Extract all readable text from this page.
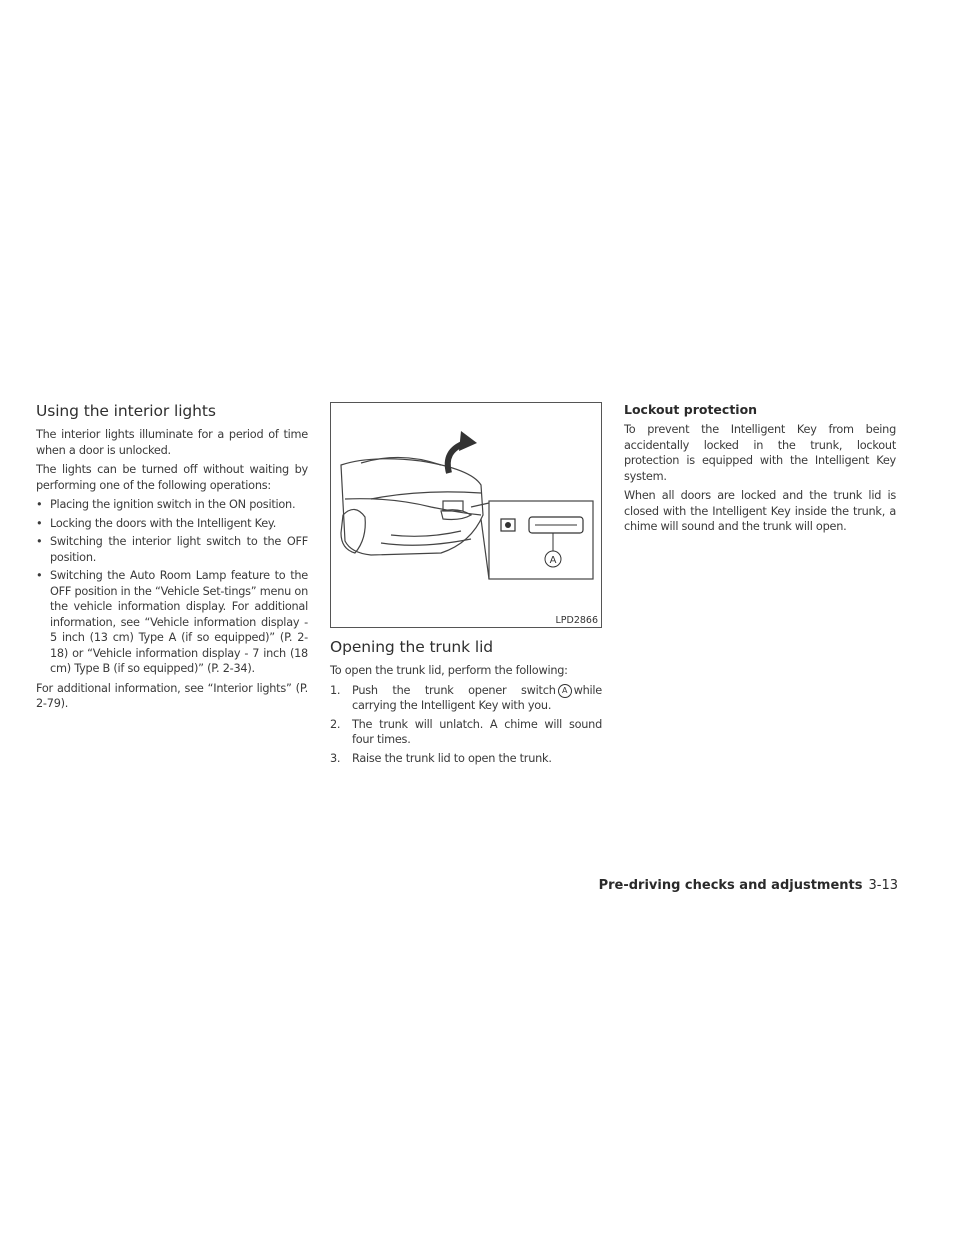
Using the interior lights

The interior lights illuminate for a period of time when a door is unlocked.

The lights can be turned off without waiting by performing one of the following operations:

• Placing the ignition switch in the ON position.
• Locking the doors with the Intelligent Key.
• Switching the interior light switch to the OFF position.
• Switching the Auto Room Lamp feature to the OFF position in the “Vehicle Set-tings” menu on the vehicle information display. For additional information, see “Vehicle information display - 5 inch (13 cm) Type A (if so equipped)” (P. 2-18) or “Vehicle information display - 7 inch (18 cm) Type B (if so equipped)” (P. 2-34).

For additional information, see “Interior lights” (P. 2-79).

A
LPD2866
Opening the trunk lid

To open the trunk lid, perform the following:

1. Push the trunk opener switch A while carrying the Intelligent Key with you.
2. The trunk will unlatch. A chime will sound four times.
3. Raise the trunk lid to open the trunk.
Lockout protection

To prevent the Intelligent Key from being accidentally locked in the trunk, lockout protection is equipped with the Intelligent Key system.

When all doors are locked and the trunk lid is closed with the Intelligent Key inside the trunk, a chime will sound and the trunk will open.

Pre-driving checks and adjustments 3-13
